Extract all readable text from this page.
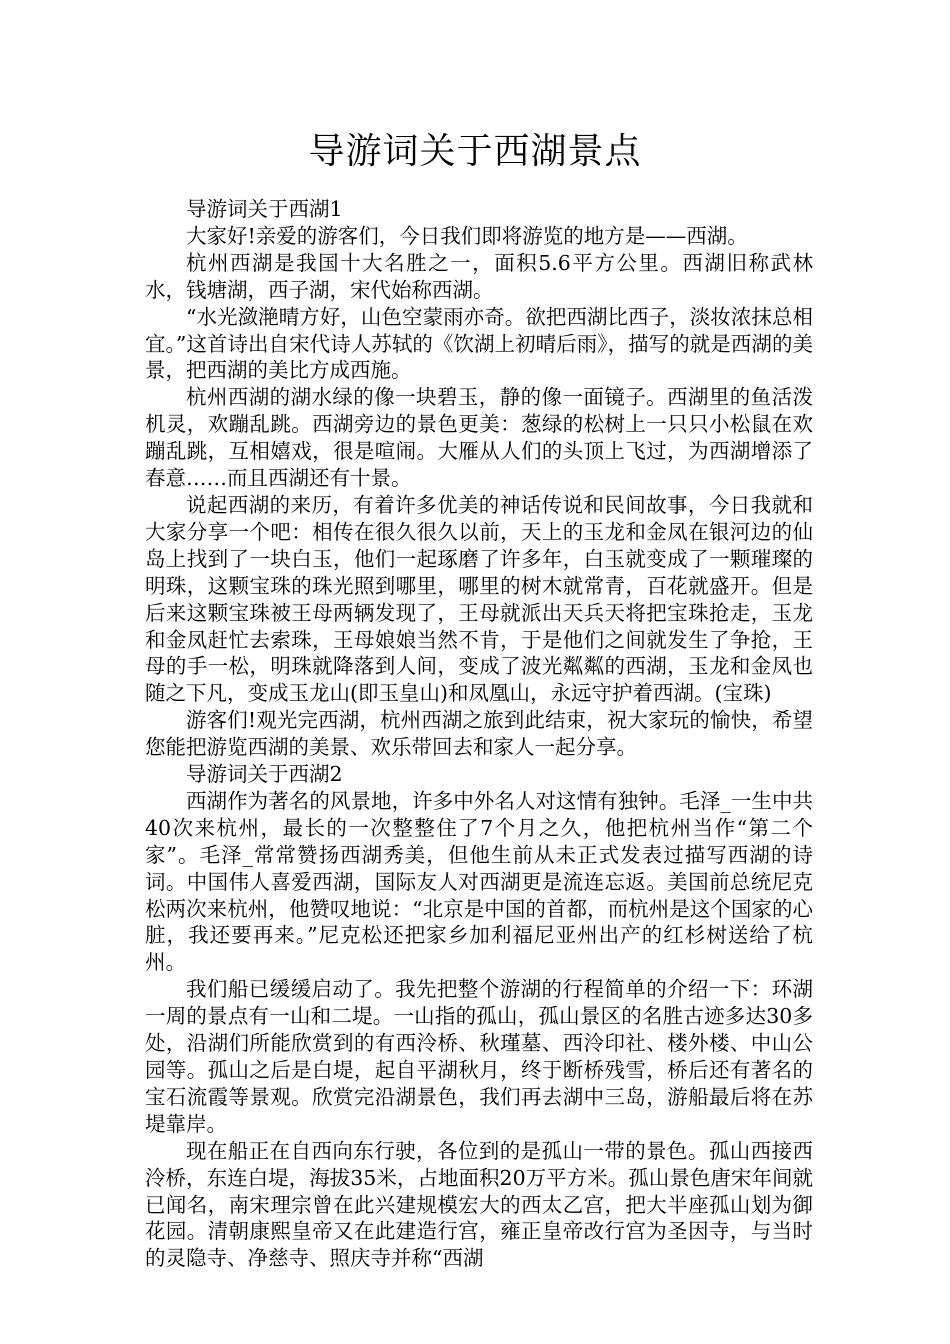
导游词关于西湖景点

导游词关于西湖1

大家好!亲爱的游客们，今日我们即将游览的地方是——西湖。

杭州西湖是我国十大名胜之一，面积5.6平方公里。西湖旧称武林水，钱塘湖，西子湖，宋代始称西湖。

“水光潋滟晴方好，山色空蒙雨亦奇。欲把西湖比西子，淡妆浓抹总相宜。”这首诗出自宋代诗人苏轼的《饮湖上初晴后雨》，描写的就是西湖的美景，把西湖的美比方成西施。

杭州西湖的湖水绿的像一块碧玉，静的像一面镜子。西湖里的鱼活泼机灵，欢蹦乱跳。西湖旁边的景色更美：葱绿的松树上一只只小松鼠在欢蹦乱跳，互相嬉戏，很是喧闹。大雁从人们的头顶上飞过，为西湖增添了春意……而且西湖还有十景。

说起西湖的来历，有着许多优美的神话传说和民间故事，今日我就和大家分享一个吧：相传在很久很久以前，天上的玉龙和金凤在银河边的仙岛上找到了一块白玉，他们一起琢磨了许多年，白玉就变成了一颗璀璨的明珠，这颗宝珠的珠光照到哪里，哪里的树木就常青，百花就盛开。但是后来这颗宝珠被王母两辆发现了，王母就派出天兵天将把宝珠抢走，玉龙和金凤赶忙去索珠，王母娘娘当然不肯，于是他们之间就发生了争抢，王母的手一松，明珠就降落到人间，变成了波光粼粼的西湖，玉龙和金凤也随之下凡，变成玉龙山(即玉皇山)和凤凰山，永远守护着西湖。(宝珠)

游客们!观光完西湖，杭州西湖之旅到此结束，祝大家玩的愉快，希望您能把游览西湖的美景、欢乐带回去和家人一起分享。

导游词关于西湖2

西湖作为著名的风景地，许多中外名人对这情有独钟。毛泽_一生中共40次来杭州，最长的一次整整住了7个月之久，他把杭州当作“第二个家”。毛泽_常常赞扬西湖秀美，但他生前从未正式发表过描写西湖的诗词。中国伟人喜爱西湖，国际友人对西湖更是流连忘返。美国前总统尼克松两次来杭州，他赞叹地说：“北京是中国的首都，而杭州是这个国家的心脏，我还要再来。”尼克松还把家乡加利福尼亚州出产的红杉树送给了杭州。

我们船已缓缓启动了。我先把整个游湖的行程简单的介绍一下：环湖一周的景点有一山和二堤。一山指的孤山，孤山景区的名胜古迹多达30多处，沿湖们所能欣赏到的有西泠桥、秋瑾墓、西泠印社、楼外楼、中山公园等。孤山之后是白堤，起自平湖秋月，终于断桥残雪，桥后还有著名的宝石流霞等景观。欣赏完沿湖景色，我们再去湖中三岛，游船最后将在苏堤靠岸。

现在船正在自西向东行驶，各位到的是孤山一带的景色。孤山西接西泠桥，东连白堤，海拔35米，占地面积20万平方米。孤山景色唐宋年间就已闻名，南宋理宗曾在此兴建规模宏大的西太乙宫，把大半座孤山划为御花园。清朝康熙皇帝又在此建造行宫，雍正皇帝改行宫为圣因寺，与当时的灵隐寺、净慈寺、照庆寺并称“西湖
